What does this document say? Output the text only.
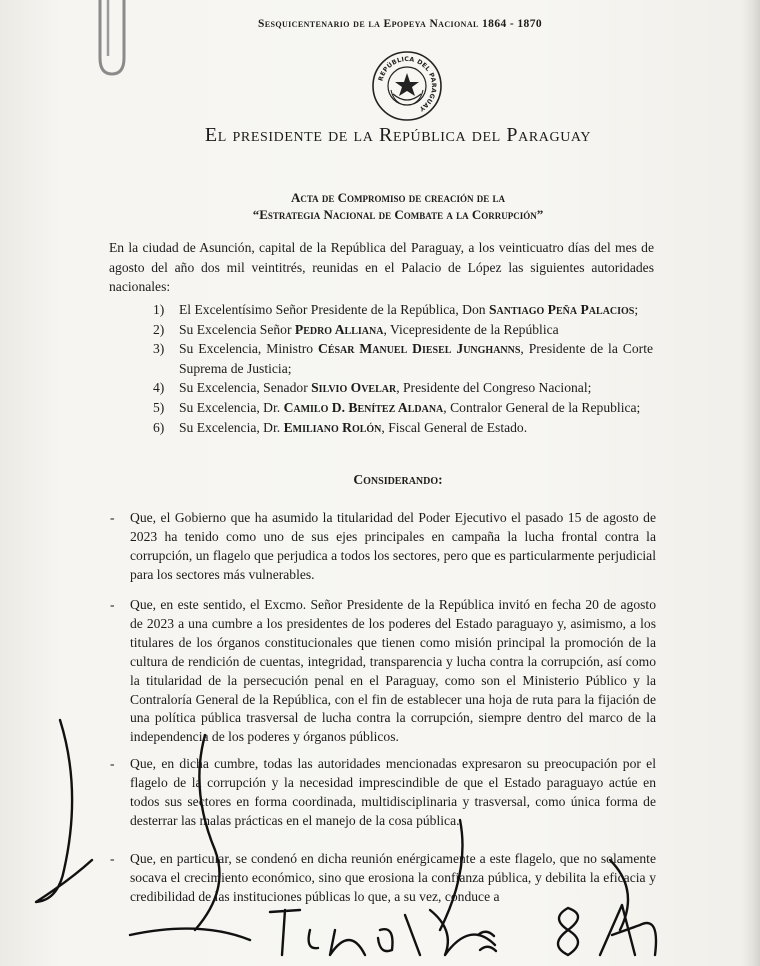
Sesquicentenario de la Epopeya Nacional 1864 - 1870
REPÚBLICA DEL PARAGUAY
El presidente de la República del Paraguay
Acta de Compromiso de creación de la
“Estrategia Nacional de Combate a la Corrupción”
En la ciudad de Asunción, capital de la República del Paraguay, a los veinticuatro días del mes de agosto del año dos mil veintitrés, reunidas en el Palacio de López las siguientes autoridades nacionales:
1) El Excelentísimo Señor Presidente de la República, Don Santiago Peña Palacios;
2) Su Excelencia Señor Pedro Alliana, Vicepresidente de la República
3) Su Excelencia, Ministro César Manuel Diesel Junghanns, Presidente de la Corte Suprema de Justicia;
4) Su Excelencia, Senador Silvio Ovelar, Presidente del Congreso Nacional;
5) Su Excelencia, Dr. Camilo D. Benítez Aldana, Contralor General de la Republica;
6) Su Excelencia, Dr. Emiliano Rolón, Fiscal General de Estado.
Considerando:
- Que, el Gobierno que ha asumido la titularidad del Poder Ejecutivo el pasado 15 de agosto de 2023 ha tenido como uno de sus ejes principales en campaña la lucha frontal contra la corrupción, un flagelo que perjudica a todos los sectores, pero que es particularmente perjudicial para los sectores más vulnerables.
- Que, en este sentido, el Excmo. Señor Presidente de la República invitó en fecha 20 de agosto de 2023 a una cumbre a los presidentes de los poderes del Estado paraguayo y, asimismo, a los titulares de los órganos constitucionales que tienen como misión principal la promoción de la cultura de rendición de cuentas, integridad, transparencia y lucha contra la corrupción, así como la titularidad de la persecución penal en el Paraguay, como son el Ministerio Público y la Contraloría General de la República, con el fin de establecer una hoja de ruta para la fijación de una política pública trasversal de lucha contra la corrupción, siempre dentro del marco de la independencia de los poderes y órganos públicos.
- Que, en dicha cumbre, todas las autoridades mencionadas expresaron su preocupación por el flagelo de la corrupción y la necesidad imprescindible de que el Estado paraguayo actúe en todos sus sectores en forma coordinada, multidisciplinaria y trasversal, como única forma de desterrar las malas prácticas en el manejo de la cosa pública.
- Que, en particular, se condenó en dicha reunión enérgicamente a este flagelo, que no solamente socava el crecimiento económico, sino que erosiona la confianza pública, y debilita la eficacia y credibilidad de las instituciones públicas lo que, a su vez, conduce a
